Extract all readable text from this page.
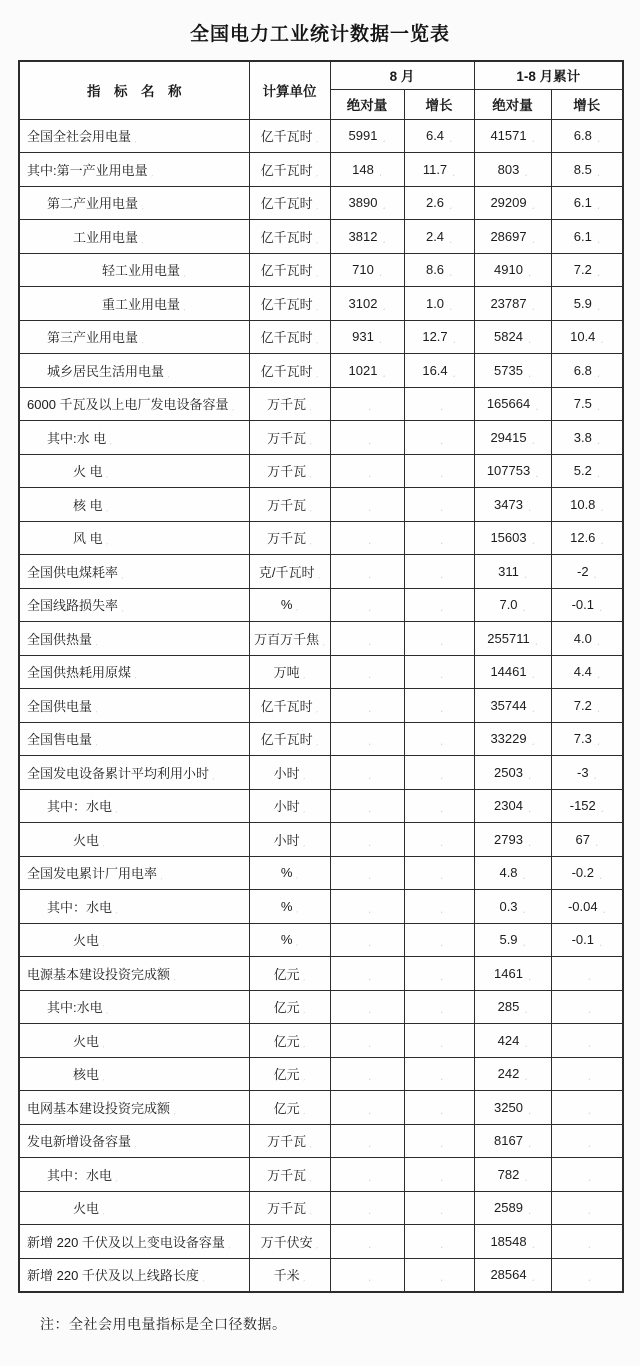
全国电力工业统计数据一览表
指　标　名　称	计算单位	8 月		1-8 月累计	
		绝对量	增长	绝对量	增长
全国全社会用电量 ˏ	亿千瓦时 ˏ	5991 ˏ	6.4 ˏ	41571 ˏ	6.8 ˏ
其中:第一产业用电量 ˏ	亿千瓦时 ˏ	148 ˏ	11.7 ˏ	803 ˏ	8.5 ˏ
第二产业用电量 ˏ	亿千瓦时 ˏ	3890 ˏ	2.6 ˏ	29209 ˏ	6.1 ˏ
工业用电量 ˏ	亿千瓦时 ˏ	3812 ˏ	2.4 ˏ	28697 ˏ	6.1 ˏ
轻工业用电量 ˏ	亿千瓦时 ˏ	710 ˏ	8.6 ˏ	4910 ˏ	7.2 ˏ
重工业用电量 ˏ	亿千瓦时 ˏ	3102 ˏ	1.0 ˏ	23787 ˏ	5.9 ˏ
第三产业用电量 ˏ	亿千瓦时 ˏ	931 ˏ	12.7 ˏ	5824 ˏ	10.4 ˏ
城乡居民生活用电量 ˏ	亿千瓦时 ˏ	1021 ˏ	16.4 ˏ	5735 ˏ	6.8 ˏ
6000 千瓦及以上电厂发电设备容量 ˏ	万千瓦 ˏ	ˏ	ˏ	165664 ˏ	7.5 ˏ
其中:水 电 ˏ	万千瓦 ˏ	ˏ	ˏ	29415 ˏ	3.8 ˏ
火 电 ˏ	万千瓦 ˏ	ˏ	ˏ	107753 ˏ	5.2 ˏ
核 电 ˏ	万千瓦 ˏ	ˏ	ˏ	3473 ˏ	10.8 ˏ
风 电 ˏ	万千瓦 ˏ	ˏ	ˏ	15603 ˏ	12.6 ˏ
全国供电煤耗率 ˏ	克/千瓦时 ˏ	ˏ	ˏ	311 ˏ	-2 ˏ
全国线路损失率 ˏ	% ˏ	ˏ	ˏ	7.0 ˏ	-0.1 ˏ
全国供热量 ˏ	万百万千焦 ˏ	ˏ	ˏ	255711 ˏ	4.0 ˏ
全国供热耗用原煤 ˏ	万吨 ˏ	ˏ	ˏ	14461 ˏ	4.4 ˏ
全国供电量 ˏ	亿千瓦时 ˏ	ˏ	ˏ	35744 ˏ	7.2 ˏ
全国售电量 ˏ	亿千瓦时 ˏ	ˏ	ˏ	33229 ˏ	7.3 ˏ
全国发电设备累计平均利用小时 ˏ	小时 ˏ	ˏ	ˏ	2503 ˏ	-3 ˏ
其中：水电 ˏ	小时 ˏ	ˏ	ˏ	2304 ˏ	-152 ˏ
火电 ˏ	小时 ˏ	ˏ	ˏ	2793 ˏ	67 ˏ
全国发电累计厂用电率 ˏ	% ˏ	ˏ	ˏ	4.8 ˏ	-0.2 ˏ
其中：水电 ˏ	% ˏ	ˏ	ˏ	0.3 ˏ	-0.04 ˏ
火电 ˏ	% ˏ	ˏ	ˏ	5.9 ˏ	-0.1 ˏ
电源基本建设投资完成额 ˏ	亿元 ˏ	ˏ	ˏ	1461 ˏ	ˏ
其中:水电 ˏ	亿元 ˏ	ˏ	ˏ	285 ˏ	ˏ
火电 ˏ	亿元 ˏ	ˏ	ˏ	424 ˏ	ˏ
核电 ˏ	亿元 ˏ	ˏ	ˏ	242 ˏ	ˏ
电网基本建设投资完成额 ˏ	亿元 ˏ	ˏ	ˏ	3250 ˏ	ˏ
发电新增设备容量 ˏ	万千瓦 ˏ	ˏ	ˏ	8167 ˏ	ˏ
其中：水电 ˏ	万千瓦 ˏ	ˏ	ˏ	782 ˏ	ˏ
火电 ˏ	万千瓦 ˏ	ˏ	ˏ	2589 ˏ	ˏ
新增 220 千伏及以上变电设备容量 ˏ	万千伏安 ˏ	ˏ	ˏ	18548 ˏ	ˏ
新增 220 千伏及以上线路长度 ˏ	千米 ˏ	ˏ	ˏ	28564 ˏ	ˏ
注：全社会用电量指标是全口径数据。
